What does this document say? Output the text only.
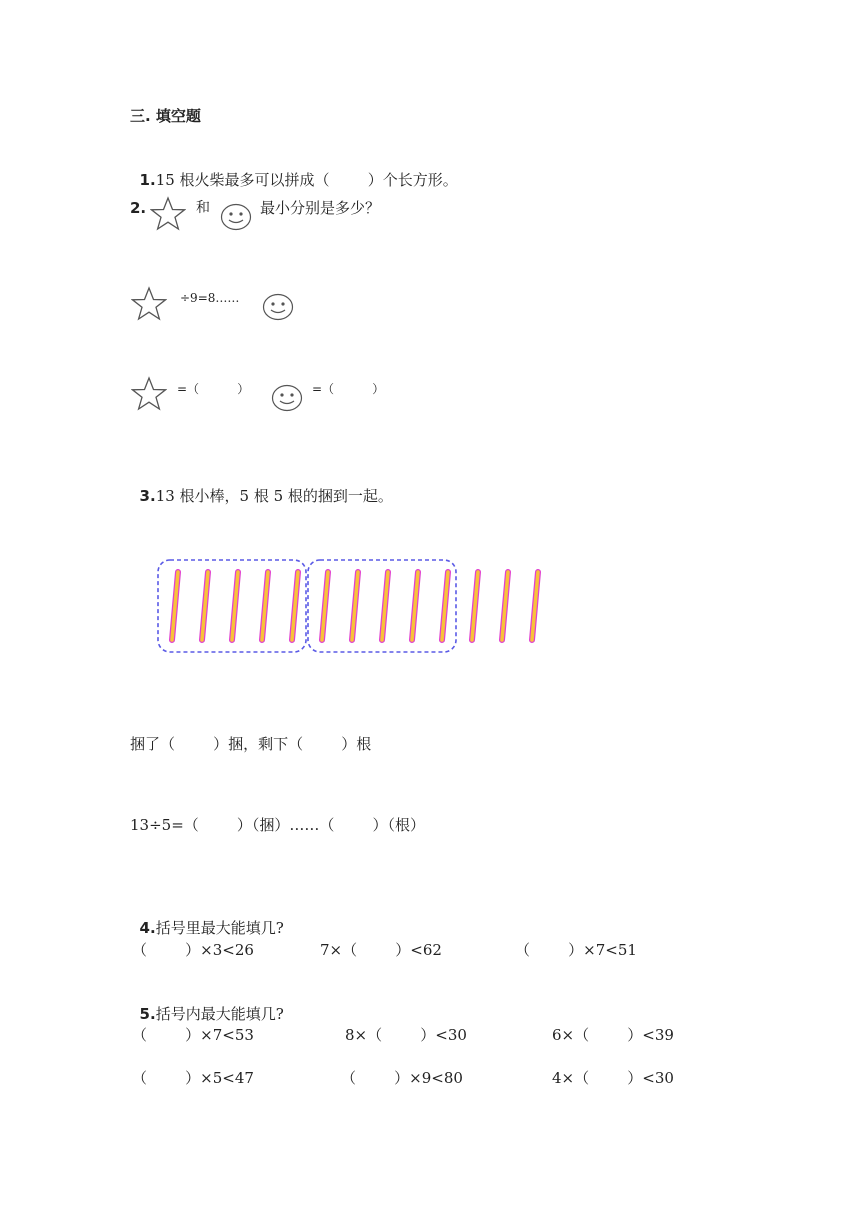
三. 填空题

1.15 根火柴最多可以拼成（        ）个长方形。

2.	和	最小分别是多少？
÷9=8……
=（          ）	=（          ）

3.13 根小棒，5 根 5 根的捆到一起。

捆了（        ）捆，剩下（        ）根
13÷5=（        ）（捆）……（        ）（根）

4.括号里最大能填几?

（        ）×3<26	7×（        ）<62	（        ）×7<51

5.括号内最大能填几?

（        ）×7<53	8×（        ）<30	6×（        ）<39
（        ）×5<47	（        ）×9<80	4×（        ）<30
